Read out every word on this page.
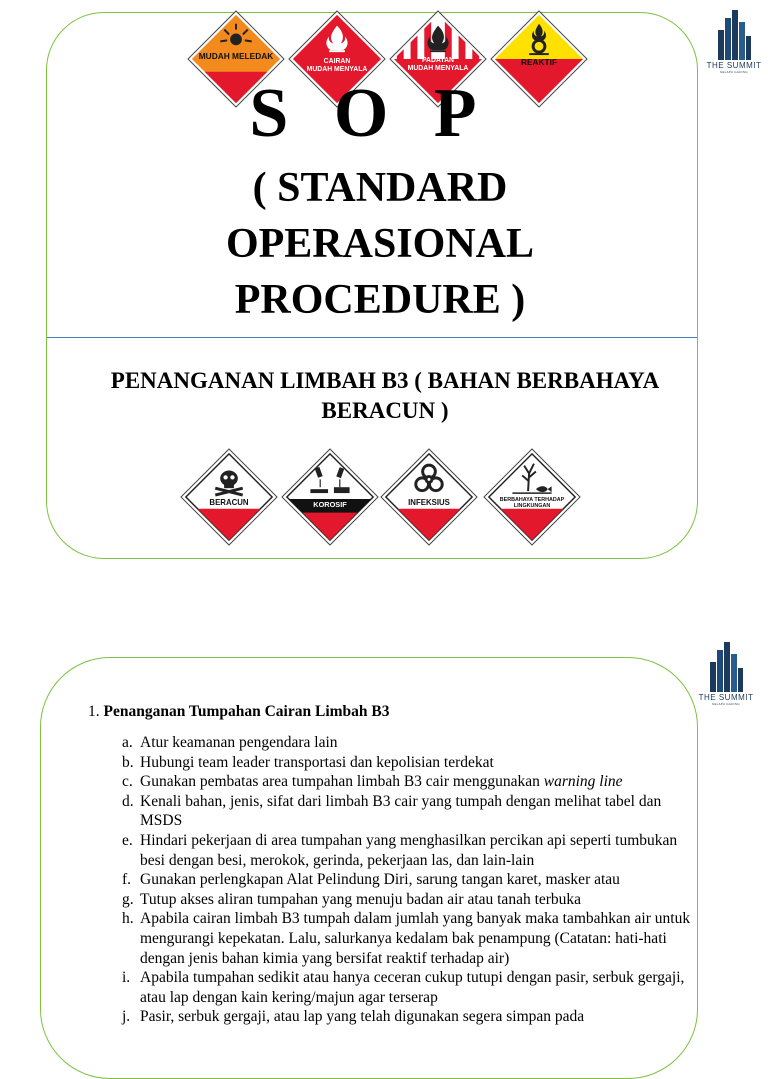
THE SUMMIT
KELAPA GADING
MUDAH MELEDAK
CAIRAN
MUDAH MENYALA
PADATAN
MUDAH MENYALA
REAKTIF
S O P
( STANDARD
OPERASIONAL
PROCEDURE )
PENANGANAN LIMBAH B3 ( BAHAN BERBAHAYA
BERACUN )
BERACUN	KOROSIF	INFEKSIUS	BERBAHAYA TERHADAP
LINGKUNGAN
THE SUMMIT
KELAPA GADING
1. Penanganan Tumpahan Cairan Limbah B3
a. Atur keamanan pengendara lain
b. Hubungi team leader transportasi dan kepolisian terdekat
c. Gunakan pembatas area tumpahan limbah B3 cair menggunakan warning line
d. Kenali bahan, jenis, sifat dari limbah B3 cair yang tumpah dengan melihat tabel dan MSDS
e. Hindari pekerjaan di area tumpahan yang menghasilkan percikan api seperti tumbukan besi dengan besi, merokok, gerinda, pekerjaan las, dan lain-lain
f. Gunakan perlengkapan Alat Pelindung Diri, sarung tangan karet, masker atau
g. Tutup akses aliran tumpahan yang menuju badan air atau tanah terbuka
h. Apabila cairan limbah B3 tumpah dalam jumlah yang banyak maka tambahkan air untuk mengurangi kepekatan. Lalu, salurkanya kedalam bak penampung (Catatan: hati-hati dengan jenis bahan kimia yang bersifat reaktif terhadap air)
i. Apabila tumpahan sedikit atau hanya ceceran cukup tutupi dengan pasir, serbuk gergaji, atau lap dengan kain kering/majun agar terserap
j. Pasir, serbuk gergaji, atau lap yang telah digunakan segera simpan pada
